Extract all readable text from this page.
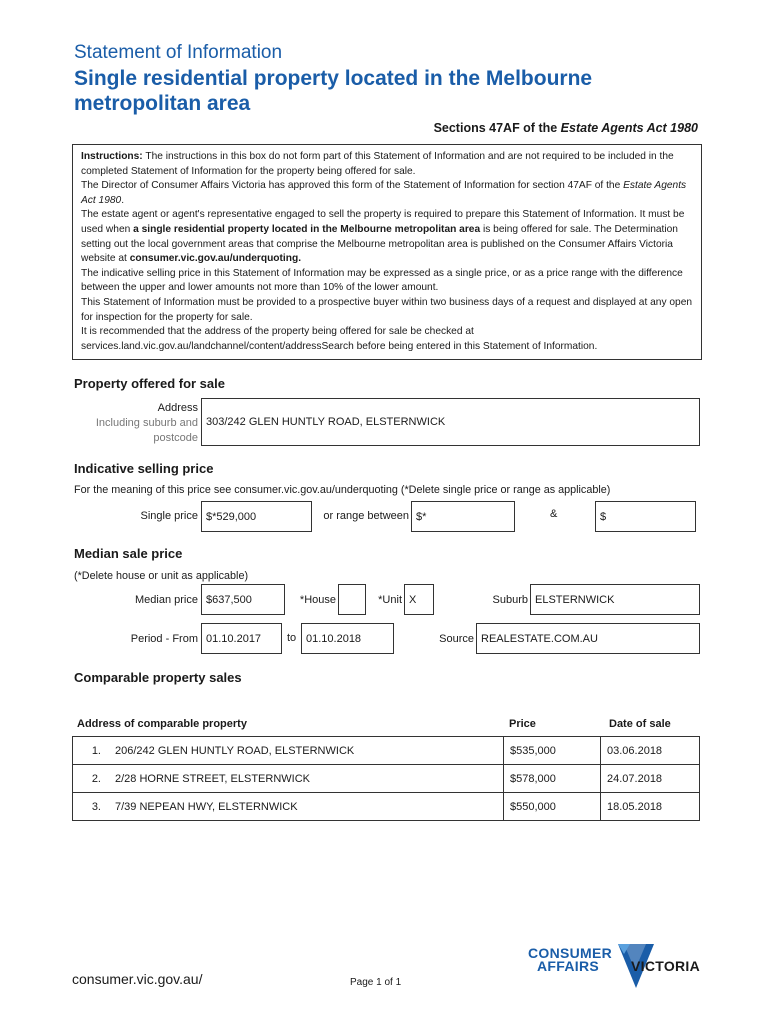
Statement of Information
Single residential property located in the Melbourne metropolitan area
Sections 47AF of the Estate Agents Act 1980

Instructions: The instructions in this box do not form part of this Statement of Information and are not required to be included in the completed Statement of Information for the property being offered for sale.

The Director of Consumer Affairs Victoria has approved this form of the Statement of Information for section 47AF of the Estate Agents Act 1980.

The estate agent or agent's representative engaged to sell the property is required to prepare this Statement of Information. It must be used when a single residential property located in the Melbourne metropolitan area is being offered for sale. The Determination setting out the local government areas that comprise the Melbourne metropolitan area is published on the Consumer Affairs Victoria website at consumer.vic.gov.au/underquoting.

The indicative selling price in this Statement of Information may be expressed as a single price, or as a price range with the difference between the upper and lower amounts not more than 10% of the lower amount.

This Statement of Information must be provided to a prospective buyer within two business days of a request and displayed at any open for inspection for the property for sale.

It is recommended that the address of the property being offered for sale be checked at services.land.vic.gov.au/landchannel/content/addressSearch before being entered in this Statement of Information.

Property offered for sale
Address
Including suburb and
postcode
303/242 GLEN HUNTLY ROAD, ELSTERNWICK
Indicative selling price
For the meaning of this price see consumer.vic.gov.au/underquoting (*Delete single price or range as applicable)
Single price $*529,000	or range between $*	&	$
Median sale price
(*Delete house or unit as applicable)
Median price $637,500	*House	*Unit X	Suburb ELSTERNWICK
Period - From 01.10.2017 to 01.10.2018	Source REALESTATE.COM.AU
Comparable property sales
Address of comparable property	Price	Date of sale
1. 206/242 GLEN HUNTLY ROAD, ELSTERNWICK	$535,000	03.06.2018
2. 2/28 HORNE STREET, ELSTERNWICK	$578,000	24.07.2018
3. 7/39 NEPEAN HWY, ELSTERNWICK	$550,000	18.05.2018
consumer.vic.gov.au/	Page 1 of 1
CONSUMER
AFFAIRS VICTORIA
